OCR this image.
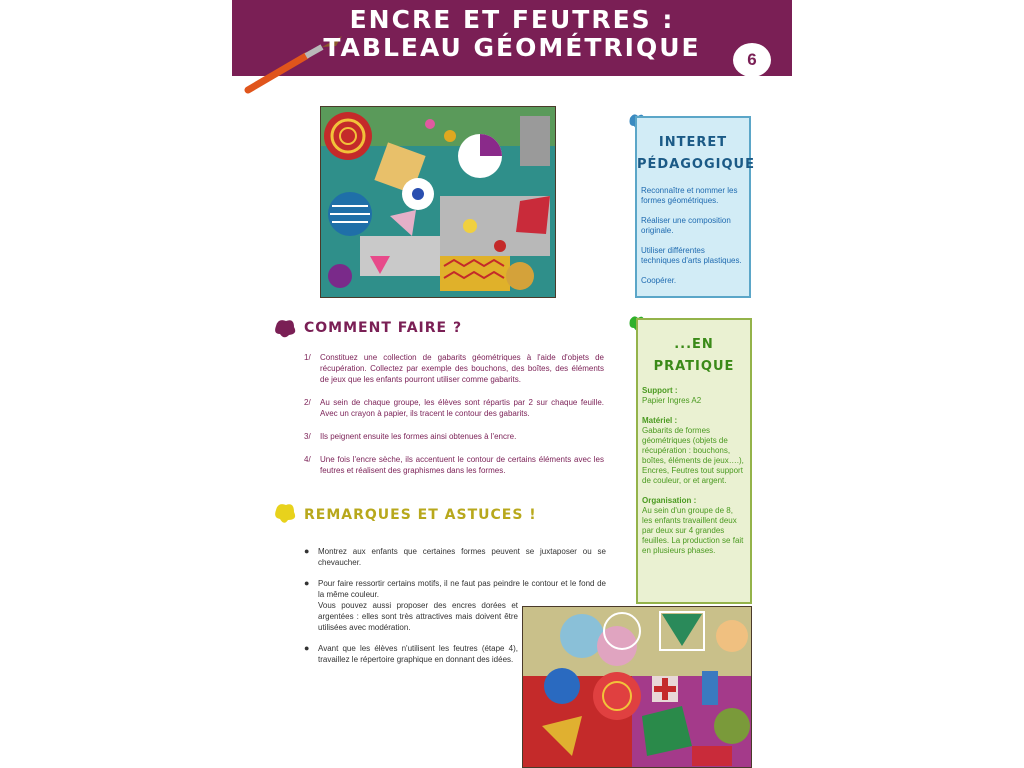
ENCRE ET FEUTRES :
TABLEAU GÉOMÉTRIQUE	6
INTERET
PÉDAGOGIQUE

Reconnaître et nommer les formes géométriques.

Réaliser une composition originale.

Utiliser différentes techniques d'arts plastiques.

Coopérer.

...EN
PRATIQUE

Support :
Papier Ingres A2

Matériel :
Gabarits de formes géométriques (objets de récupération : bouchons, boîtes, éléments de jeux….), Encres, Feutres tout support de couleur, or et argent.

Organisation :
Au sein d'un groupe de 8, les enfants travaillent deux par deux sur 4 grandes feuilles. La production se fait en plusieurs phases.

COMMENT FAIRE ?
1/	Constituez une collection de gabarits géométriques à l'aide d'objets de récupération. Collectez par exemple des bouchons, des boîtes, des éléments de jeux que les enfants pourront utiliser comme gabarits.
2/	Au sein de chaque groupe, les élèves sont répartis par 2 sur chaque feuille. Avec un crayon à papier, ils tracent le contour des gabarits.
3/	Ils peignent ensuite les formes ainsi obtenues à l'encre.
4/	Une fois l'encre sèche, ils accentuent le contour de certains éléments avec les feutres et réalisent des graphismes dans les formes.
REMARQUES ET ASTUCES !
●	Montrez aux enfants que certaines formes peuvent se juxtaposer ou se chevaucher.
●	Pour faire ressortir certains motifs, il ne faut pas peindre le contour et le fond de la même couleur.
Vous pouvez aussi proposer des encres dorées et argentées : elles sont très attractives mais doivent être utilisées avec modération.
●	Avant que les élèves n'utilisent les feutres (étape 4), travaillez le répertoire graphique en donnant des idées.
